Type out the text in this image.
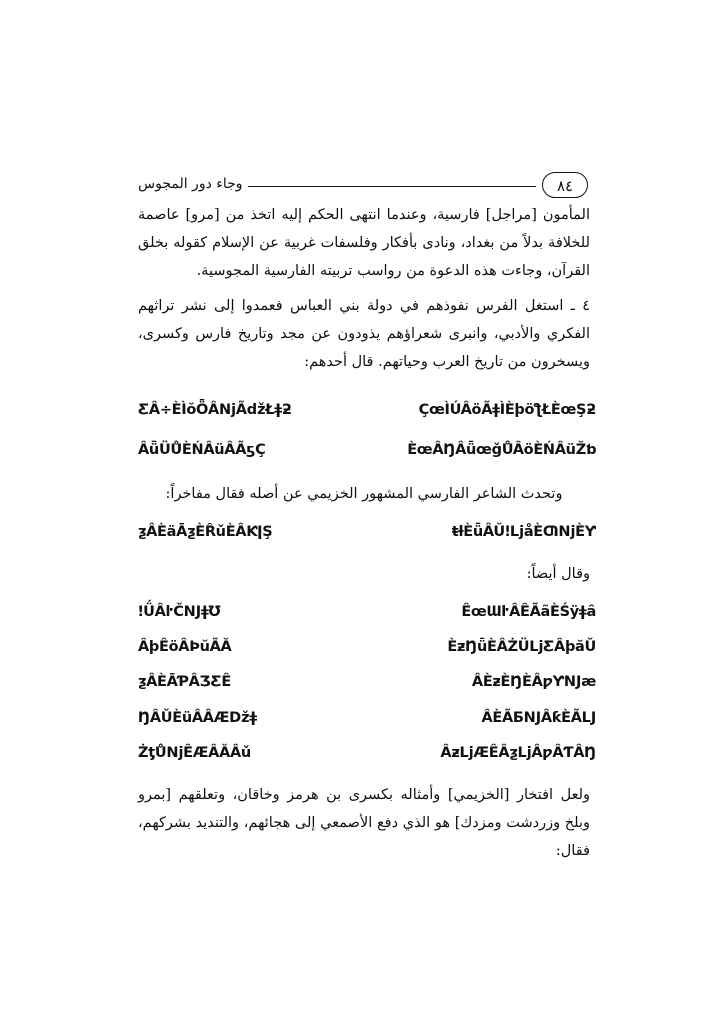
وجاء دور المجوس	٨٤

المأمون [مراجل] فارسية، وعندما انتهى الحكم إليه اتخذ من [مرو] عاصمة للخلافة بدلاً من بغداد، ونادى بأفكار وفلسفات غربية عن الإسلام كقوله بخلق القرآن، وجاءت هذه الدعوة من رواسب تربيته الفارسية المجوسية.

٤ ـ استغل الفرس نفوذهم في دولة بني العباس فعمدوا إلى نشر تراثهم الفكري والأدبي، وانبرى شعراؤهم يذودون عن مجد وتاريخ فارس وكسرى، ويسخرون من تاريخ العرب وحياتهم. قال أحدهم:

ÇœÌÚÂöÃǂÌÈþöƪŁÈœŞƻ
ƸÂ÷ÈÌŏȪÂǋÃǆŁǂƻ
ÈœÂŊÂǖœǧŮÂöÈŃÂüŽƅ
ÂǖÜŮÈŃÂüÂÃƽÇ

وتحدث الشاعر الفارسي المشهور الخزيمي عن أصله فقال مفاخراً:

ŧƚÈǖÂŬǃǈåÈƢǋÈƳ
ƺÂÈäĀƺÈȒǔÈÂƘǀŞ

وقال أيضاً:

ÊœƜŀÂÊÃãÈŚÿǂȃ
ǃǗÂŀČǊǂƱ
ÈƶŊǖÈÂŻÜǈƸÂþăǓ
ÂþÊöÂÞŭÃǍ
ÂÈƶÈŊÈÂƿƳǊæ
ƺÂÈĀƤÂƷƸÊ
ÂÈÃƂǊÂƙÈÃǇ
ŊÂǓÈüÂÂÆǅǂ
ÂƶǈÆÊÂƺǈÂƿÂƬÂŊ
ŻƫŮǋÊÆÂǍÂǔ

ولعل افتخار [الخزيمي] وأمثاله بكسرى بن هرمز وخاقان، وتعلقهم [بمرو وبلخ وزردشت ومزدك] هو الذي دفع الأصمعي إلى هجائهم، والتنديد بشركهم، فقال:
